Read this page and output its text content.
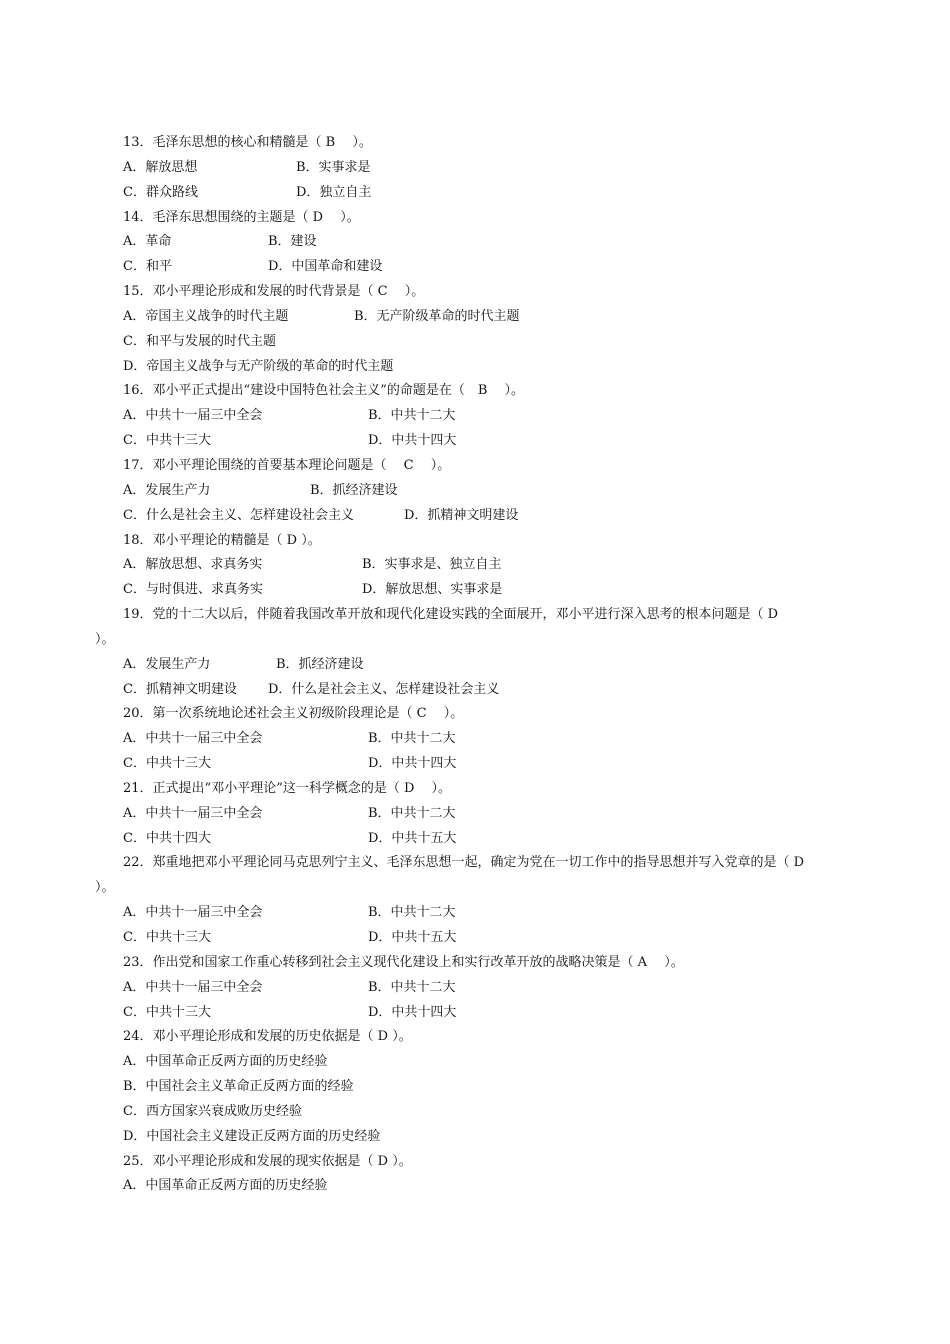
13．毛泽东思想的核心和精髓是（ B　 ）。
A．解放思想	B．实事求是
C．群众路线	D．独立自主
14．毛泽东思想围绕的主题是（ D　 ）。
A．革命	B．建设
C．和平	D．中国革命和建设
15．邓小平理论形成和发展的时代背景是（ C　 ）。
A．帝国主义战争的时代主题	B．无产阶级革命的时代主题
C．和平与发展的时代主题
D．帝国主义战争与无产阶级的革命的时代主题
16．邓小平正式提出“建设中国特色社会主义”的命题是在（　B　 ）。
A．中共十一届三中全会	B．中共十二大
C．中共十三大	D．中共十四大
17．邓小平理论围绕的首要基本理论问题是（　 C　 ）。
A．发展生产力	B．抓经济建设
C．什么是社会主义、怎样建设社会主义	D．抓精神文明建设
18．邓小平理论的精髓是（ D ）。
A．解放思想、求真务实	B．实事求是、独立自主
C．与时俱进、求真务实	D．解放思想、实事求是
19．党的十二大以后，伴随着我国改革开放和现代化建设实践的全面展开，邓小平进行深入思考的根本问题是（ D
）。
A．发展生产力	B．抓经济建设
C．抓精神文明建设 D．什么是社会主义、怎样建设社会主义
20．第一次系统地论述社会主义初级阶段理论是（ C　 ）。
A．中共十一届三中全会	B．中共十二大
C．中共十三大	D．中共十四大
21．正式提出“邓小平理论”这一科学概念的是（ D　 ）。
A．中共十一届三中全会	B．中共十二大
C．中共十四大	D．中共十五大
22．郑重地把邓小平理论同马克思列宁主义、毛泽东思想一起，确定为党在一切工作中的指导思想并写入党章的是（ D
）。
A．中共十一届三中全会	B．中共十二大
C．中共十三大	D．中共十五大
23．作出党和国家工作重心转移到社会主义现代化建设上和实行改革开放的战略决策是（ A　 ）。
A．中共十一届三中全会	B．中共十二大
C．中共十三大	D．中共十四大
24．邓小平理论形成和发展的历史依据是（ D ）。
A．中国革命正反两方面的历史经验
B．中国社会主义革命正反两方面的经验
C．西方国家兴衰成败历史经验
D．中国社会主义建设正反两方面的历史经验
25．邓小平理论形成和发展的现实依据是（ D ）。
A．中国革命正反两方面的历史经验
